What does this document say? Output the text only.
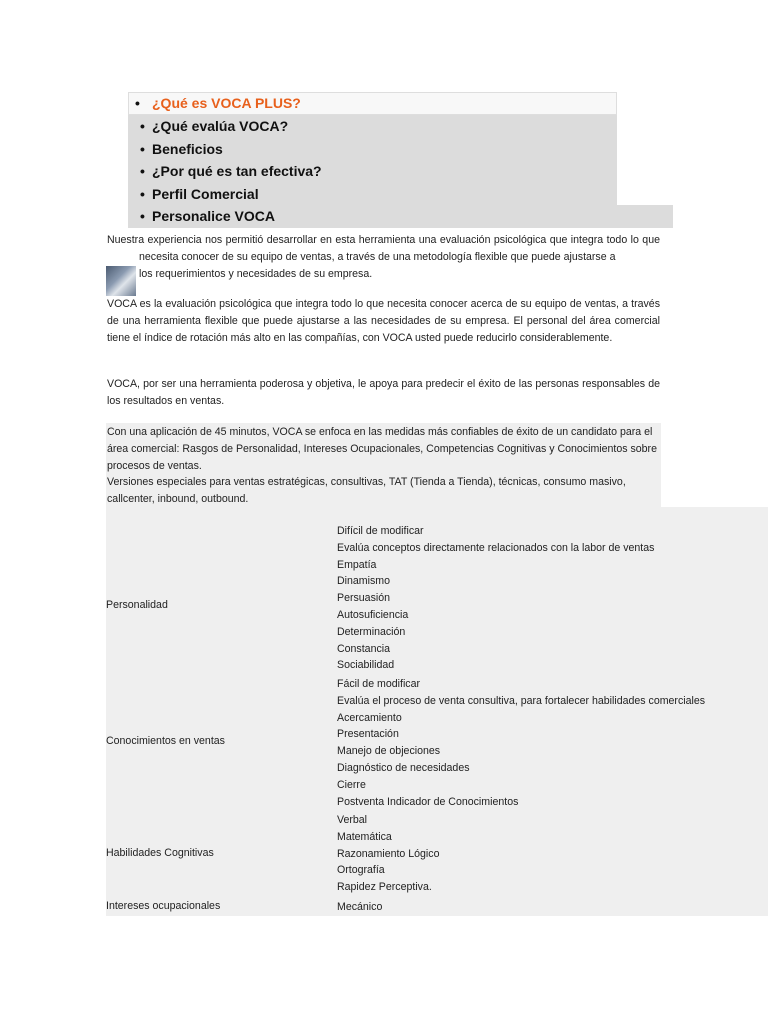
• ¿Qué es VOCA PLUS?
• ¿Qué evalúa VOCA?
• Beneficios
• ¿Por qué es tan efectiva?
• Perfil Comercial
• Personalice VOCA
Nuestra experiencia nos permitió desarrollar en esta herramienta una evaluación psicológica que integra todo lo que necesita conocer de su equipo de ventas, a través de una metodología flexible que puede ajustarse a
los requerimientos y necesidades de su empresa.

VOCA es la evaluación psicológica que integra todo lo que necesita conocer acerca de su equipo de ventas, a través de una herramienta flexible que puede ajustarse a las necesidades de su empresa. El personal del área comercial tiene el índice de rotación más alto en las compañías, con VOCA usted puede reducirlo considerablemente.

VOCA, por ser una herramienta poderosa y objetiva, le apoya para predecir el éxito de las personas responsables de los resultados en ventas.

Con una aplicación de 45 minutos, VOCA se enfoca en las medidas más confiables de éxito de un candidato para el área comercial: Rasgos de Personalidad, Intereses Ocupacionales, Competencias Cognitivas y Conocimientos sobre procesos de ventas.

Versiones especiales para ventas estratégicas, consultivas, TAT (Tienda a Tienda), técnicas, consumo masivo, callcenter, inbound, outbound.

Personalidad
Difícil de modificar
Evalúa conceptos directamente relacionados con la labor de ventas
Empatía
Dinamismo
Persuasión
Autosuficiencia
Determinación
Constancia
Sociabilidad
Conocimientos en ventas
Fácil de modificar
Evalúa el proceso de venta consultiva, para fortalecer habilidades comerciales
Acercamiento
Presentación
Manejo de objeciones
Diagnóstico de necesidades
Cierre
Postventa Indicador de Conocimientos
Habilidades Cognitivas
Verbal
Matemática
Razonamiento Lógico
Ortografía
Rapidez Perceptiva.
Intereses ocupacionales	Mecánico
